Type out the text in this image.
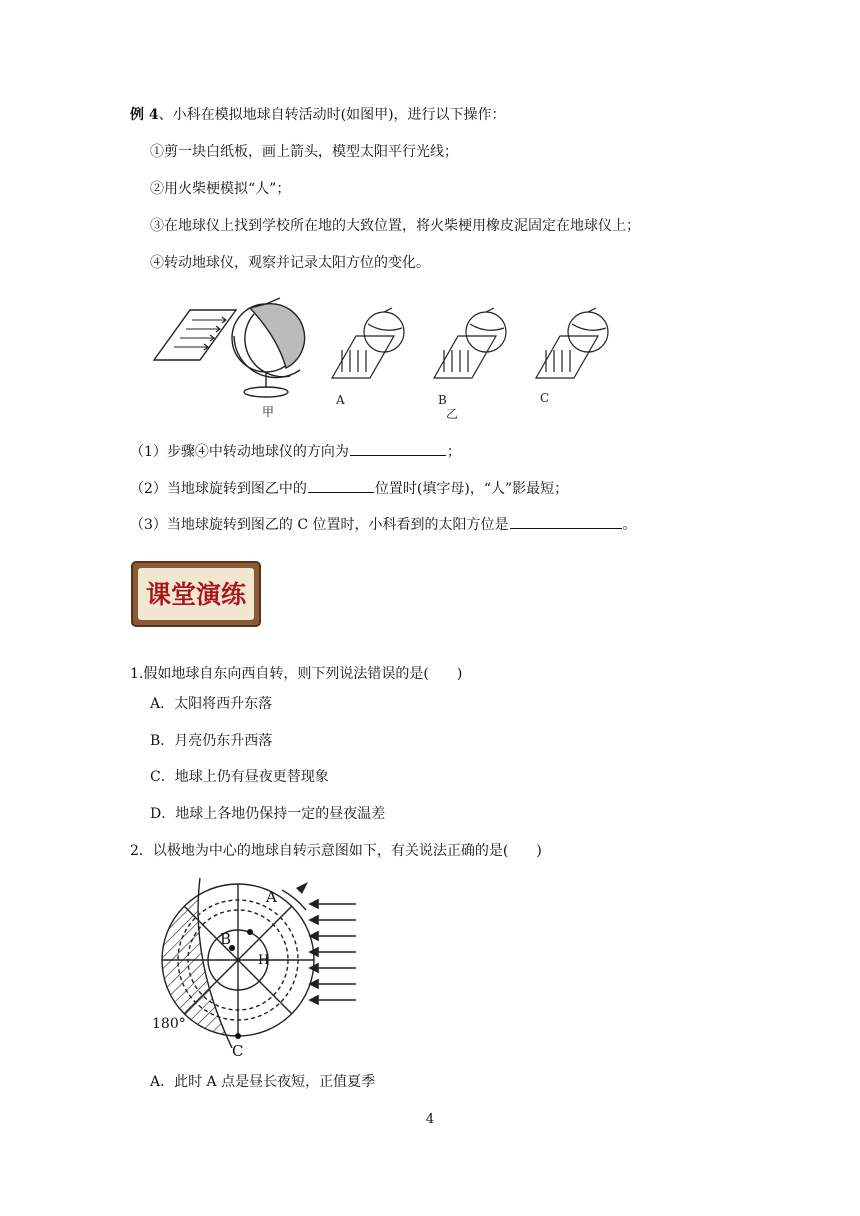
例 4、小科在模拟地球自转活动时(如图甲)，进行以下操作：
①剪一块白纸板，画上箭头，模型太阳平行光线；
②用火柴梗模拟“人”；
③在地球仪上找到学校所在地的大致位置，将火柴梗用橡皮泥固定在地球仪上；
④转动地球仪，观察并记录太阳方位的变化。
甲
A	B	C
乙
（1）步骤④中转动地球仪的方向为	；
（2）当地球旋转到图乙中的	位置时(填字母)，“人”影最短；
（3）当地球旋转到图乙的 C 位置时，小科看到的太阳方位是	。
课堂演练
1.假如地球自东向西自转，则下列说法错误的是(　　)
A．太阳将西升东落
B．月亮仍东升西落
C．地球上仍有昼夜更替现象
D．地球上各地仍保持一定的昼夜温差
2．以极地为中心的地球自转示意图如下，有关说法正确的是(　　)
A
B
H
180°
C
A．此时 A 点是昼长夜短，正值夏季
4
